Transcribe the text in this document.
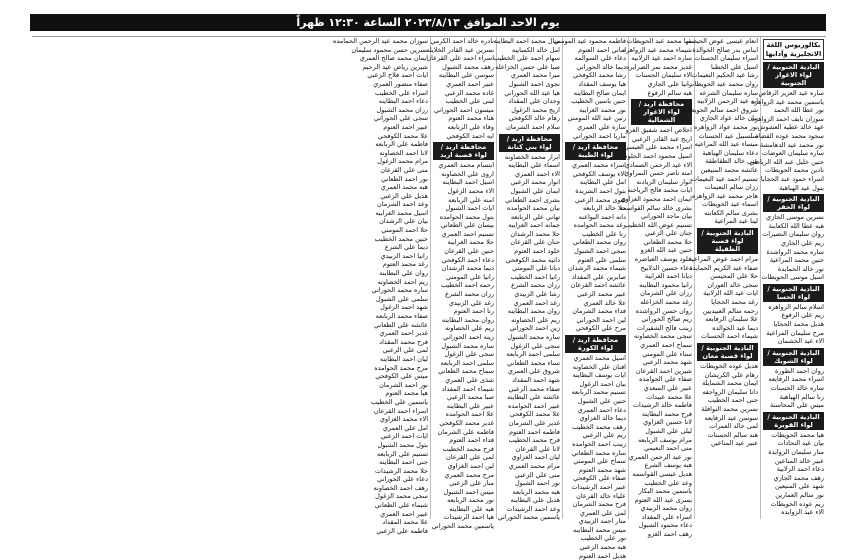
يوم الاحد الموافق ٢٠٢٣/٨/١٣ الساعة ١٢:٣٠ ظهراً
بكالوريوس اللغة الانجليزية وآدابها
البادية الجنوبية / لواء الاغوار الجنوبية
ساره عيد العزيز الرقاص
ياسمين محمد عيد الزواهره
نور عطا الله الحمد
سوزان نايف احمد الزواهره
عهد خالد عطيه العشوش
سجود محمد عوده القضاة
نور محمد عيد الدهامشة
ساره سليمان العوضات
حنين خليل عبد الله الرياطي
نادين محمد الحويطات
اسراء حمود عبد الحجايا
بتول عيد الهباهبة
البادية الجنوبية / لواء الجفر
نسرين موسى الجازي
هبه عطا الله الكعابنة
روان سليمان النصيرات
ريم علي الجازي
ساره محمد الرواشدة
حنين محمد المراعية
نور خالد الحمايدة
اسيل موسى الحويطات
البادية الجنوبية / لواء الحسا
اسلام سالم الزواهره
ريم علي الرفوع
هديل محمد الحجايا
مرح سليمان المراعية
الاء عيد الخشمان
البادية الجنوبية / لواء الشوبك
روان احمد الطورة
اسراء محمد الرفايعه
ساره خالد الحسنات
رنا سالم الهباهبة
ميس علي المحاسنة
البادية الجنوبية / لواء القويرة
هيا محمد الحويطات
بيان عيد النجادات
منار سليمان الزوايدة
عبير خالد المناعين
دعاء احمد الزلابية
رهف محمد الجازي
شهد علي المنيعين
نور سالم العمارين
ريم عوده الحويطات
الاء عيد الزوايده
انعام عيسى عوض الحيصة
ايناس بدر صالح الخوالدة
اسراء سليمان الحسنات
اسيل علي الخطبا
رشا عيد الحكيم النعيمات
روان محمد عيد الحويطات
ساره سليمان الشرعه
ايه عيد الرحمن الزلابيه
شروق احمد سالم الحويطات
بيان خالد عواد الجازي
نور محمد عواد الزواهره
سلسبيل عيد الحسنات
ميساء عيد الله المراعيه
دعاء سليمان الهباهبة
منى خالد الطقاطقة
عائشه محمد المنيعين
تسنيم احمد عيد النعيمات
رزان سالم النعيمات
هاجر محمد عيد الزواهره
اسماء عيد الحويطات
بشرى سالم الكعابنه
لينا عيد المراعية
البادية الجنوبية / لواء قصبة الطفيلة
مرام احمد عوض المراعية
صفاء عيد الكريم الحمايدة
حلا علي المحيسن
سجى خالد العوران
ايات عيد الله الزلابية
رغد محمد الحجايا
رحمه سالم العبيديين
علا سليمان الرفايعه
ديما عيد الخوالده
شيماء احمد الحسنات
البادية الجنوبية / لواء قصبة معان
هديل عوده الحويطات
رهام علي الكريشان
ايمان محمد الشمايلة
دانا سليمان الرواجفه
جنى احمد الخطيب
نسرين محمد النوافلة
سوسن عيد الرفايعه
لمى خالد العمرات
هند سالم الحسنات
عبير عيد المناعين
مها محمد عبد الحويطات
شيماء محمد عيد الزواهره
ساره احمد عيد الزلابيه
غدير محمد نمر الصرايره
الاء سليمان الحسنات
رانيا علي الجازي
هبه سالم الرفوع
محافظة اربد / لواء الاغوار الشمالية
اخلاص احمد شفيق الغزو
اريج عبد القادر الزعبي
اسراء محمد علي العيسى
اسيل محمود احمد الحلوه
الاء عيد الرحمن الصمادي
امنه ناصر حسن النمراوي
انوار سليمان الزيادنه
ايات محمد فالح الرياحنه
ايمان احمد محمود الغزاوي
بشرى خالد سالم القواسمه
بيان ماجد الحوراني
تسنيم عوض الله الخطيب
جنان علي الزعبي
حلا محمد الطعاني
حنين عبد الله الغزو
خلود يوسف العياصره
دعاء حسين الدلابيح
ديانا احمد الغرايبة
رانيا محمود البطاينه
رزان علي الشرمان
رغد محمد الخزاعله
روان حسن الرواشده
ريم صالح الحوراني
زينب فالح الشقيرات
سجى محمد الخصاونه
سماح احمد العمري
سناء علي المومني
شهد محمد الزعبي
شيرين احمد القرعان
صفاء علي الحوامده
عبير علي السعدي
علا محمد عبيدات
فاطمه خالد الرشيدات
فرح محمد البطاينه
لانا حسين الغزاوي
ليلى علي الشبول
مرام يوسف الربابعه
منى احمد النعيمي
نور عيد الرحمن العمري
هبه يوسف الشرع
هديل عيسى القواسمه
وعد علي الخطيب
ياسمين محمد البكار
يسرى عيد الله العتوم
روان محمد الزبيدي
اسراء علي المقداد
دعاء محمود الشبول
رهف احمد الغزو
فاطمه محمود عيد المومني
اماني احمد العتوم
دعاء علي السوالمه
ديما خالد الحوراني
رشا محمد الكوفحي
هيا يوسف المقداد
ايمان صالح البطاينه
حنين ياسين الخطيب
نور محمد الغرايبه
رنين عيد الله المومني
ساره علي العمري
ماريا احمد الحوراني
محافظة اربد / لواء الطيبة
اسراء محمد العمري
الاء يوسف الكوفحي
امل علي البطاينه
بتول احمد الشريدة
تقوى محمد الزعبي
حلا خالد الربابعه
دانه احمد البواعنه
رغد محمد الحوامده
رنا علي الخطيب
روان محمد الطعاني
سجى احمد الشبول
سلمى علي العتوم
شيماء محمد الرشدان
صابرين علي المقداد
عائشه احمد القرعان
عبير محمد الزعبي
علا خالد العمري
فداء محمد الشرمان
لين احمد الحوراني
مرح علي الكوفحي
محافظة اربد / لواء الكورة
اسيل محمد العمري
افنان علي الخصاونه
ايات يوسف البطاينه
بيان احمد الزغول
تسنيم محمد الربابعه
حنين علي الشبول
دعاء احمد العمري
ديما خالد الغزاوي
رهف محمد الخطيب
ريم علي الزعبي
زينب احمد الحوامده
ساره محمد الطعاني
سماح علي المومني
شهد محمد العتوم
صفاء علي الكوفحي
عبير احمد الرشيدات
علياء خالد القرعان
فرح محمد الشرمان
لمى علي العمري
منار احمد الزبيدي
ميس محمد البطاينه
نور علي الخطيب
هبه محمد الزعبي
هديل احمد العتوم
منال محمد احمد البطاينه
امل خالد الكسايبه
سهام احمد علي الخطيب
صبا علي حسن الخزاعله
ميرا محمد العمري
نجوى احمد الشبول
هيا عيد الله الحوراني
وجدان علي المقداد
اريج محمد الزغول
رهام خالد الكوفحي
سلام احمد الشرمان
محافظة اربد / لواء بني كنانة
ابرار محمد الخصاونه
اسماء علي البطاينه
الاء احمد العمري
انوار محمد الزعبي
ايمان علي الشبول
بشرى احمد الطعاني
بيان محمد الحوامده
تهاني علي الربابعه
جمانه احمد الغرايبه
حلا محمد الرشدان
حنان علي القرعان
خلود احمد العتوم
دانيه محمد الكوفحي
ديانا علي المومني
رانيا احمد الخطيب
رزان محمد الشرع
رشا علي الزبيدي
رغد احمد العمري
روان محمد البطاينه
ريم علي الخصاونه
زين احمد الحوراني
ساره محمد الشبول
سجى علي الزغول
سلمى احمد الربابعه
سناء محمد الطعاني
شروق علي العمري
شهد احمد المقداد
صفاء محمد الزعبي
عائشه علي البطاينه
عبير احمد الحوامده
علا محمد الكوفحي
غدير علي الشرمان
فاطمه احمد العتوم
فرح محمد الخطيب
لانا علي القرعان
ليان احمد الغزاوي
مرام محمد العمري
منى علي الزعبي
نور احمد الشبول
هبه محمد الربابعه
هديل علي البطاينه
وعد احمد الرشيدات
ياسمين محمد الحوراني
نادره خالد احمد الكرمي
نسرين عيد القادر الخلايله
اسراء احمد علي القرعان
رهف محمد الشبول
سوسن علي البطاينه
عبير احمد العمري
غاده محمد الزعبي
لبنى علي الخطيب
ميسون احمد الحوراني
هناء محمد العتوم
وفاء علي الربابعه
ايه احمد الكوفحي
محافظة اربد / لواء قصبة اربد
ابتسام محمد العمري
اروى علي الخصاونه
اسيل احمد البطاينه
الاء محمد الزغول
امنه علي الربابعه
ايات احمد الشبول
بتول محمد الحوامده
بيسان علي الطعاني
تسنيم احمد العمري
حلا محمد الغرايبه
حنين علي القرعان
دعاء احمد الكوفحي
ديما محمد الرشدان
رانيا علي المومني
رحمه احمد الخطيب
رزان محمد الشرع
رغد علي الزبيدي
رنا احمد العتوم
روان محمد البطاينه
ريم علي الخصاونه
زينه احمد الحوراني
ساره محمد الشبول
سجى علي الزغول
سلمى احمد الربابعه
سماح محمد الطعاني
شذى علي العمري
شيماء احمد المقداد
صبا محمد الزعبي
عبير علي البطاينه
علا احمد الحوامده
غدير محمد الكوفحي
فاطمه علي الشرمان
فداء احمد العتوم
فرح محمد الخطيب
لمى علي القرعان
لين احمد الغزاوي
مرح محمد العمري
منار علي الزعبي
ميس احمد الشبول
نور محمد الربابعه
هبه علي البطاينه
هيا احمد الرشيدات
ياسمين محمد الحوراني
سوزان محمد عيد الرحمن الحمامده
نسرين حسن محمود سليمان
ايمان محمد صالح العمري
شيرين رياض عيد الرحيم
ايات احمد فلاح الزعبي
صفاء منصور العمري
اسراء علي الخطيب
دعاء احمد البطاينه
رزان محمد الشبول
سجى علي الحوراني
عبير احمد العتوم
علا محمد الكوفحي
فاطمه علي الربابعه
لانا احمد الخصاونه
مرام محمد الزغول
منى علي القرعان
نور احمد الطعاني
هبه محمد العمري
هديل علي الزعبي
وعد احمد الشرمان
اسيل محمد الغرايبه
بيان علي الرشدان
حلا احمد المومني
حنين محمد الخطيب
ديما علي الشرع
رانيا احمد الزبيدي
رغد محمد العتوم
روان علي البطاينه
ريم احمد الخصاونه
ساره محمد الحوراني
سلمى علي الشبول
شهد احمد الزغول
صفاء محمد الربابعه
عائشه علي الطعاني
غدير احمد العمري
فرح محمد المقداد
لمى علي الزعبي
ليان احمد البطاينه
مرح محمد الحوامده
ميس علي الكوفحي
نور احمد الشرمان
هيا محمد العتوم
ياسمين علي الخطيب
اسراء احمد القرعان
الاء محمد الغزاوي
امل علي العمري
ايات احمد الزعبي
بتول محمد الشبول
تسنيم علي الربابعه
جنى احمد البطاينه
حلا محمد الرشيدات
دعاء علي الحوراني
رهف احمد الخصاونه
سجى محمد الزغول
شيماء علي الطعاني
عبير احمد العمري
علا محمد المقداد
فاطمه علي الزعبي
